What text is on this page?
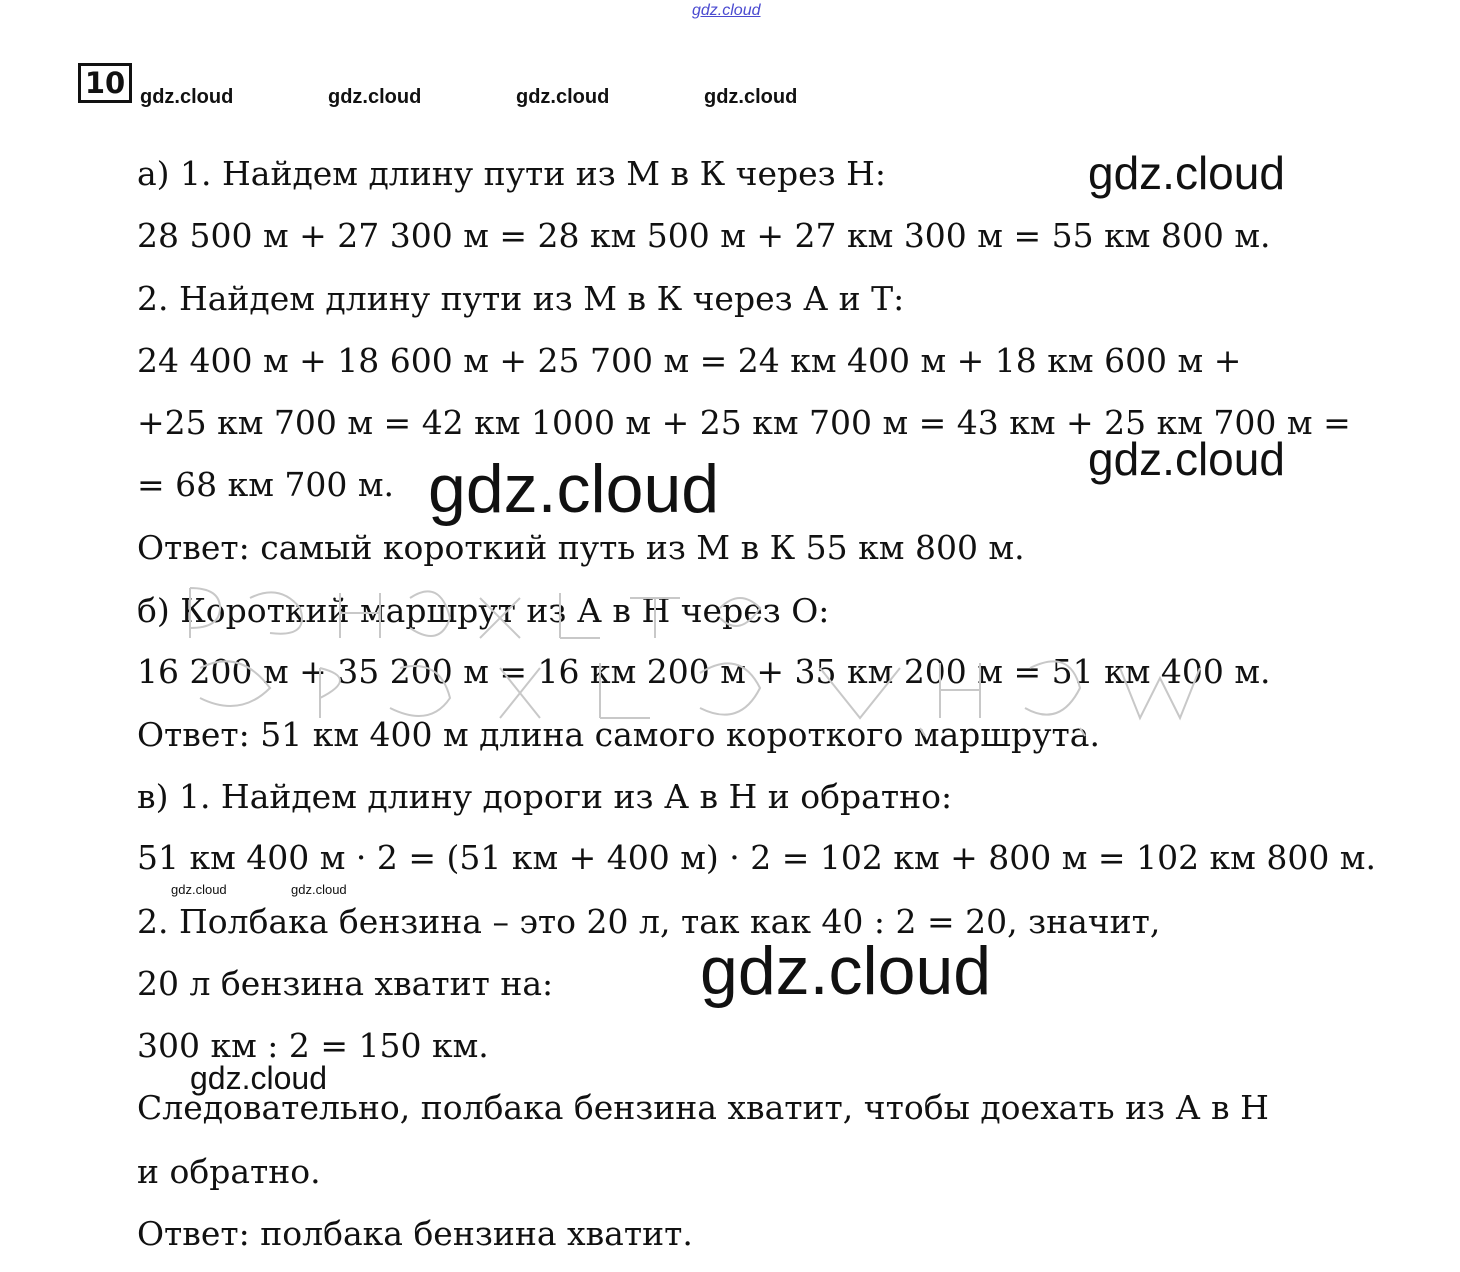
gdz.cloud
10 gdz.cloud	gdz.cloud	gdz.cloud	gdz.cloud
gdz.cloud
gdz.cloud
а) 1. Найдем длину пути из М в К через Н:
28 500 м + 27 300 м = 28 км 500 м + 27 км 300 м = 55 км 800 м.
2. Найдем длину пути из М в К через А и Т:
24 400 м + 18 600 м + 25 700 м = 24 км 400 м + 18 км 600 м +
+25 км 700 м = 42 км 1000 м + 25 км 700 м = 43 км + 25 км 700 м =
= 68 км 700 м.
Ответ: самый короткий путь из М в К 55 км 800 м.
б) Короткий маршрут из А в Н через О:
16 200 м + 35 200 м = 16 км 200 м + 35 км 200 м = 51 км 400 м.
Ответ: 51 км 400 м длина самого короткого маршрута.
в) 1. Найдем длину дороги из А в Н и обратно:
51 км 400 м · 2 = (51 км + 400 м) · 2 = 102 км + 800 м = 102 км 800 м.
2. Полбака бензина – это 20 л, так как 40 : 2 = 20, значит,
20 л бензина хватит на:
300 км : 2 = 150 км.
Следовательно, полбака бензина хватит, чтобы доехать из А в Н
и обратно.
Ответ: полбака бензина хватит.
gdz.cloud
gdz.cloud	gdz.cloud
gdz.cloud
gdz.cloud
